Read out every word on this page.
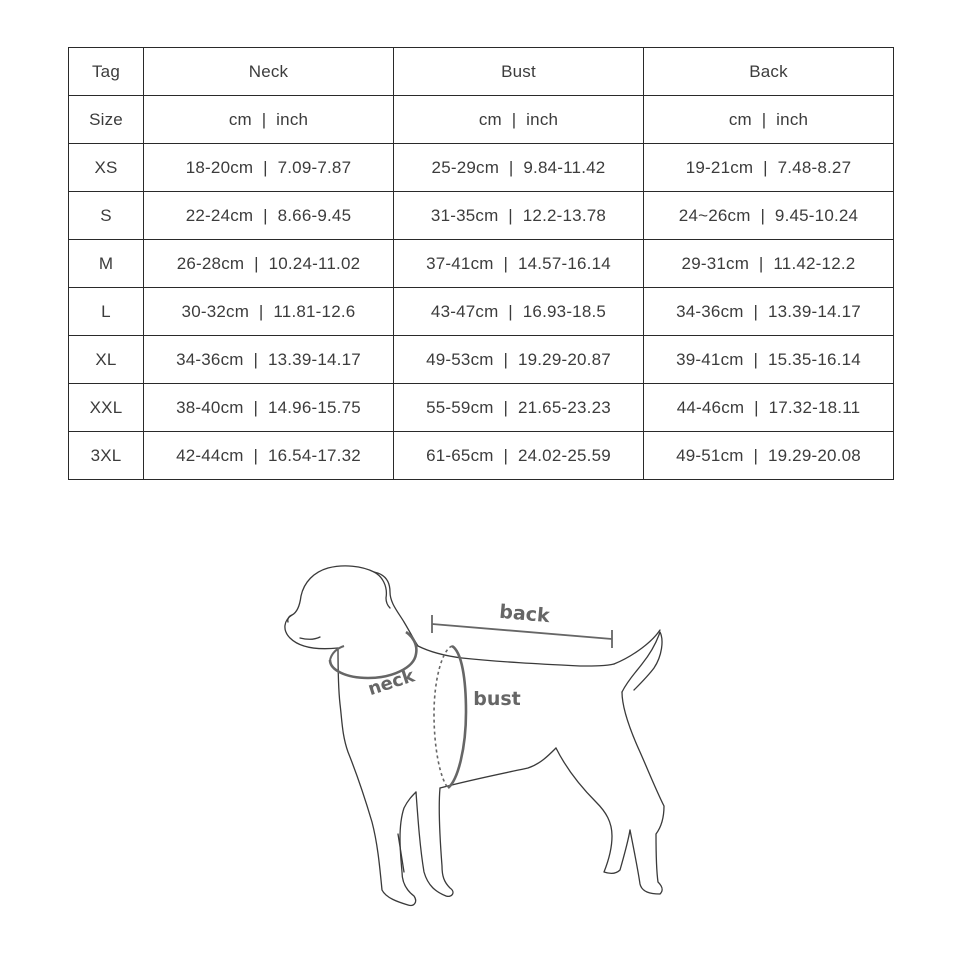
Tag	Neck	Bust	Back
Size	cm  |  inch	cm  |  inch	cm  |  inch
XS	18-20cm  |  7.09-7.87	25-29cm  |  9.84-11.42	19-21cm  |  7.48-8.27
S	22-24cm  |  8.66-9.45	31-35cm  |  12.2-13.78	24~26cm  |  9.45-10.24
M	26-28cm  |  10.24-11.02	37-41cm  |  14.57-16.14	29-31cm  |  11.42-12.2
L	30-32cm  |  11.81-12.6	43-47cm  |  16.93-18.5	34-36cm  |  13.39-14.17
XL	34-36cm  |  13.39-14.17	49-53cm  |  19.29-20.87	39-41cm  |  15.35-16.14
XXL	38-40cm  |  14.96-15.75	55-59cm  |  21.65-23.23	44-46cm  |  17.32-18.11
3XL	42-44cm  |  16.54-17.32	61-65cm  |  24.02-25.59	49-51cm  |  19.29-20.08
back
neck	bust
